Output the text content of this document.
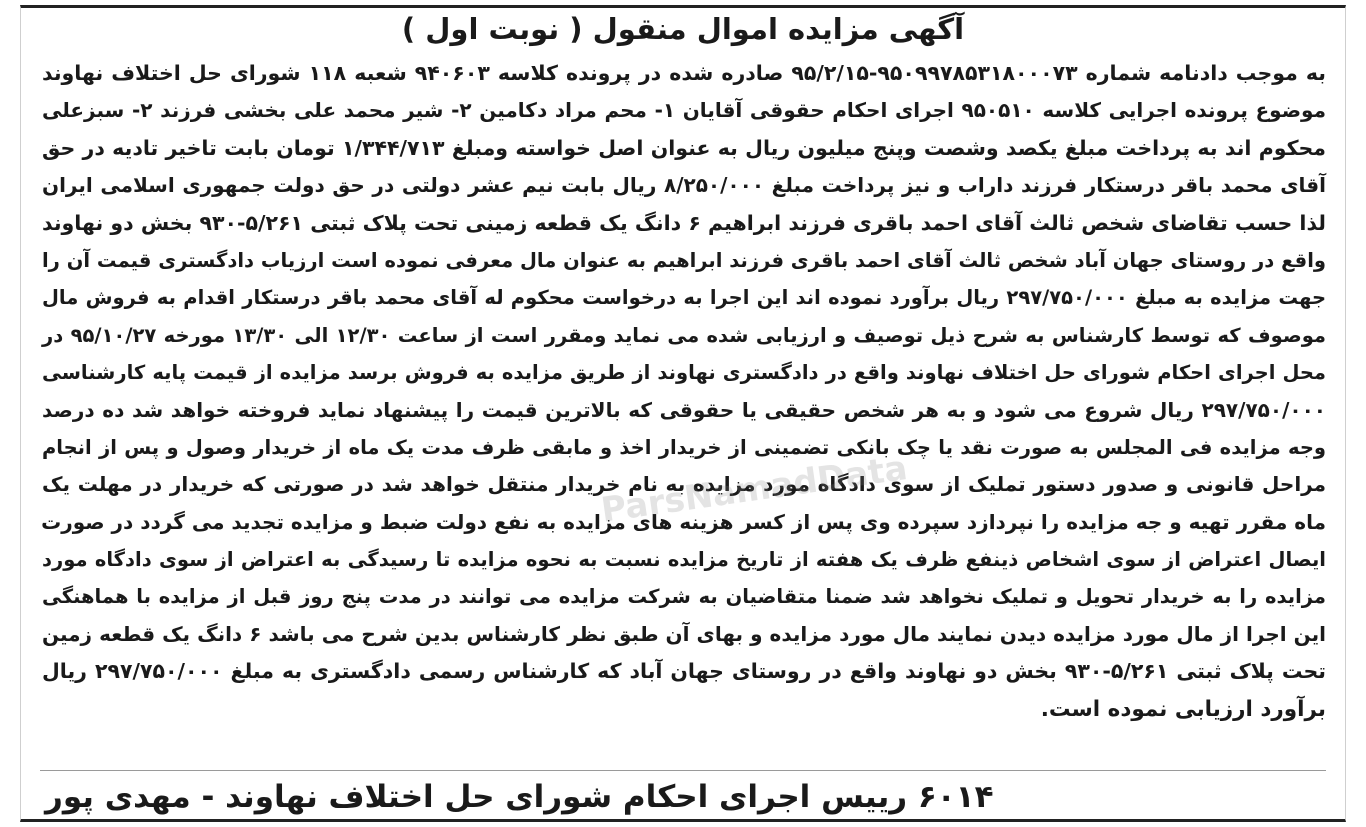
آگهی مزایده اموال منقول ( نوبت اول )
به موجب دادنامه شماره ۹۵۰۹۹۷۸۵۳۱۸۰۰۰۷۳-۹۵/۲/۱۵ صادره شده در پرونده کلاسه ۹۴۰۶۰۳ شعبه ۱۱۸ شورای حل اختلاف نهاوند
موضوع پرونده اجرایی کلاسه ۹۵۰۵۱۰ اجرای احکام حقوقی آقایان ۱- محم مراد دکامین ۲- شیر محمد علی بخشی فرزند ۲- سبزعلی
محکوم اند به پرداخت مبلغ یکصد وشصت وپنج میلیون ریال به عنوان اصل خواسته ومبلغ ۱/۳۴۴/۷۱۳ تومان بابت تاخیر تادیه در حق
آقای محمد باقر درستکار فرزند داراب و نیز پرداخت مبلغ ۸/۲۵۰/۰۰۰ ریال بابت نیم عشر دولتی در حق دولت جمهوری اسلامی ایران
لذا حسب تقاضای شخص ثالث آقای احمد باقری فرزند ابراهیم ۶ دانگ یک قطعه زمینی تحت پلاک ثبتی ۵/۲۶۱-۹۳۰ بخش دو نهاوند
واقع در روستای جهان آباد شخص ثالث آقای احمد باقری فرزند ابراهیم به عنوان مال معرفی نموده است ارزیاب دادگستری قیمت آن را
جهت مزایده به مبلغ ۲۹۷/۷۵۰/۰۰۰ ریال برآورد نموده اند این اجرا به درخواست محکوم له آقای محمد باقر درستکار اقدام به فروش مال
موصوف که توسط کارشناس به شرح ذیل توصیف و ارزیابی شده می نماید ومقرر است از ساعت ۱۲/۳۰ الی ۱۳/۳۰ مورخه ۹۵/۱۰/۲۷ در
محل اجرای احکام شورای حل اختلاف نهاوند واقع در دادگستری نهاوند از طریق مزایده به فروش برسد مزایده از قیمت پایه کارشناسی
۲۹۷/۷۵۰/۰۰۰ ریال شروع می شود و به هر شخص حقیقی یا حقوقی که بالاترین قیمت را پیشنهاد نماید فروخته خواهد شد ده درصد
وجه مزایده فی المجلس به صورت نقد یا چک بانکی تضمینی از خریدار اخذ و مابقی ظرف مدت یک ماه از خریدار وصول و پس از انجام
مراحل قانونی و صدور دستور تملیک از سوی دادگاه مورد مزایده به نام خریدار منتقل خواهد شد در صورتی که خریدار در مهلت یک
ماه مقرر تهیه و جه مزایده را نپردازد سپرده وی پس از کسر هزینه های مزایده به نفع دولت ضبط و مزایده تجدید می گردد در صورت
ایصال اعتراض از سوی اشخاص ذینفع ظرف یک هفته از تاریخ مزایده نسبت به نحوه مزایده تا رسیدگی به اعتراض از سوی دادگاه مورد
مزایده را به خریدار تحویل و تملیک نخواهد شد ضمنا متقاضیان به شرکت مزایده می توانند در مدت پنج روز قبل از مزایده با هماهنگی
این اجرا از مال مورد مزایده دیدن نمایند مال مورد مزایده و بهای آن طبق نظر کارشناس بدین شرح می باشد ۶ دانگ یک قطعه زمین
تحت پلاک ثبتی ۵/۲۶۱-۹۳۰ بخش دو نهاوند واقع در روستای جهان آباد که کارشناس رسمی دادگستری به مبلغ ۲۹۷/۷۵۰/۰۰۰ ریال
برآورد ارزیابی نموده است.
ParsNamadData
۶۰۱۴ رییس اجرای احکام شورای حل اختلاف نهاوند - مهدی پور
